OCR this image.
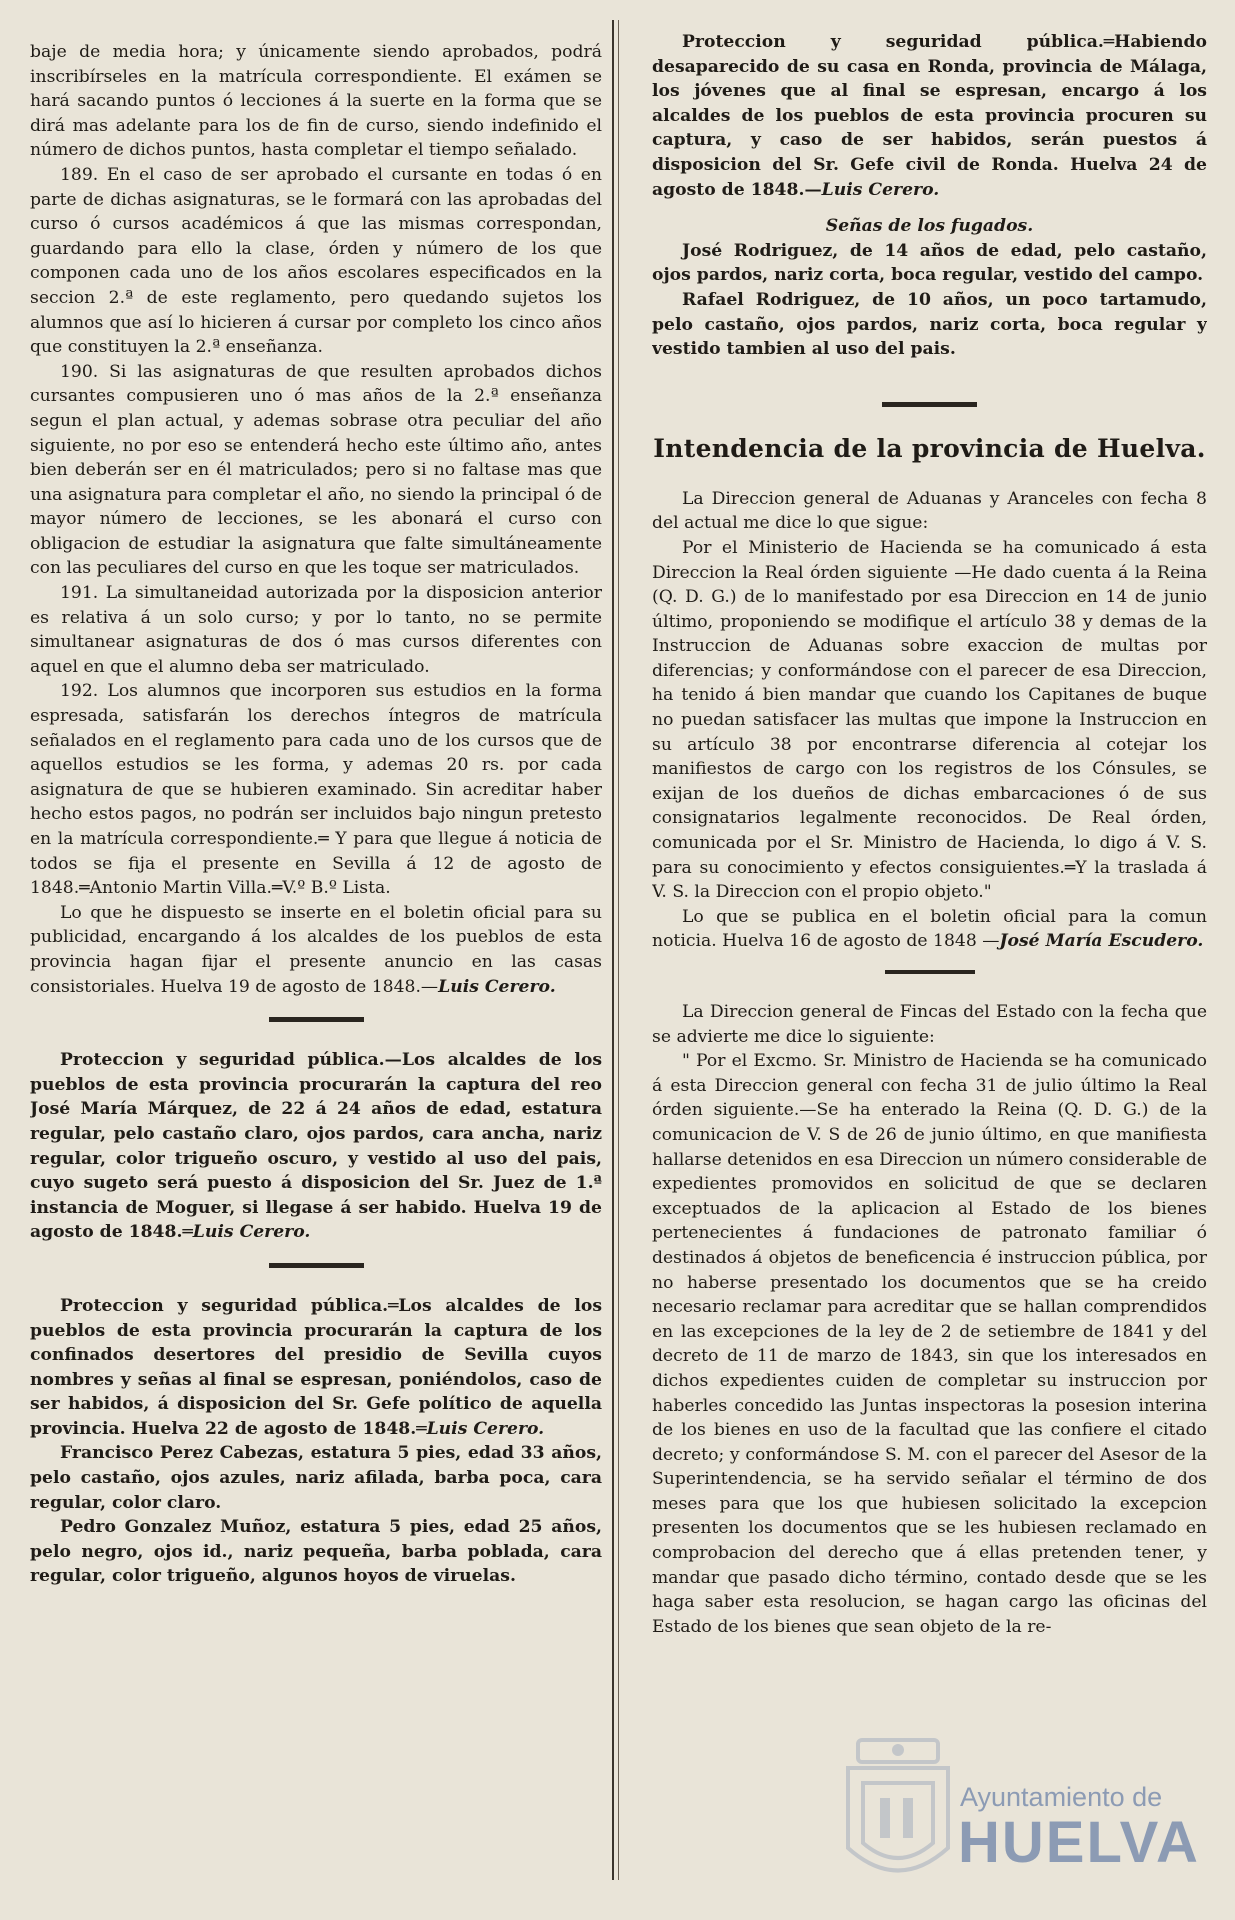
baje de media hora; y únicamente siendo aprobados, podrá inscribírseles en la matrícula correspondiente. El exámen se hará sacando puntos ó lecciones á la suerte en la forma que se dirá mas adelante para los de fin de curso, siendo indefinido el número de dichos puntos, hasta completar el tiempo señalado.

189. En el caso de ser aprobado el cursante en todas ó en parte de dichas asignaturas, se le formará con las aprobadas del curso ó cursos académicos á que las mismas correspondan, guardando para ello la clase, órden y número de los que componen cada uno de los años escolares especificados en la seccion 2.ª de este reglamento, pero quedando sujetos los alumnos que así lo hicieren á cursar por completo los cinco años que constituyen la 2.ª enseñanza.

190. Si las asignaturas de que resulten aprobados dichos cursantes compusieren uno ó mas años de la 2.ª enseñanza segun el plan actual, y ademas sobrase otra peculiar del año siguiente, no por eso se entenderá hecho este último año, antes bien deberán ser en él matriculados; pero si no faltase mas que una asignatura para completar el año, no siendo la principal ó de mayor número de lecciones, se les abonará el curso con obligacion de estudiar la asignatura que falte simultáneamente con las peculiares del curso en que les toque ser matriculados.

191. La simultaneidad autorizada por la disposicion anterior es relativa á un solo curso; y por lo tanto, no se permite simultanear asignaturas de dos ó mas cursos diferentes con aquel en que el alumno deba ser matriculado.

192. Los alumnos que incorporen sus estudios en la forma espresada, satisfarán los derechos íntegros de matrícula señalados en el reglamento para cada uno de los cursos que de aquellos estudios se les forma, y ademas 20 rs. por cada asignatura de que se hubieren examinado. Sin acreditar haber hecho estos pagos, no podrán ser incluidos bajo ningun pretesto en la matrícula correspondiente.═ Y para que llegue á noticia de todos se fija el presente en Sevilla á 12 de agosto de 1848.═Antonio Martin Villa.═V.º B.º Lista.

Lo que he dispuesto se inserte en el boletin oficial para su publicidad, encargando á los alcaldes de los pueblos de esta provincia hagan fijar el presente anuncio en las casas consistoriales. Huelva 19 de agosto de 1848.—Luis Cerero.

Proteccion y seguridad pública.—Los alcaldes de los pueblos de esta provincia procurarán la captura del reo José María Márquez, de 22 á 24 años de edad, estatura regular, pelo castaño claro, ojos pardos, cara ancha, nariz regular, color trigueño oscuro, y vestido al uso del pais, cuyo sugeto será puesto á disposicion del Sr. Juez de 1.ª instancia de Moguer, si llegase á ser habido. Huelva 19 de agosto de 1848.═Luis Cerero.

Proteccion y seguridad pública.═Los alcaldes de los pueblos de esta provincia procurarán la captura de los confinados desertores del presidio de Sevilla cuyos nombres y señas al final se espresan, poniéndolos, caso de ser habidos, á disposicion del Sr. Gefe político de aquella provincia. Huelva 22 de agosto de 1848.═Luis Cerero.

Francisco Perez Cabezas, estatura 5 pies, edad 33 años, pelo castaño, ojos azules, nariz afilada, barba poca, cara regular, color claro.

Pedro Gonzalez Muñoz, estatura 5 pies, edad 25 años, pelo negro, ojos id., nariz pequeña, barba poblada, cara regular, color trigueño, algunos hoyos de viruelas.

Proteccion y seguridad pública.═Habiendo desaparecido de su casa en Ronda, provincia de Málaga, los jóvenes que al final se espresan, encargo á los alcaldes de los pueblos de esta provincia procuren su captura, y caso de ser habidos, serán puestos á disposicion del Sr. Gefe civil de Ronda. Huelva 24 de agosto de 1848.—Luis Cerero.

Señas de los fugados.

José Rodriguez, de 14 años de edad, pelo castaño, ojos pardos, nariz corta, boca regular, vestido del campo.

Rafael Rodriguez, de 10 años, un poco tartamudo, pelo castaño, ojos pardos, nariz corta, boca regular y vestido tambien al uso del pais.

Intendencia de la provincia de Huelva.

La Direccion general de Aduanas y Aranceles con fecha 8 del actual me dice lo que sigue:

Por el Ministerio de Hacienda se ha comunicado á esta Direccion la Real órden siguiente —He dado cuenta á la Reina (Q. D. G.) de lo manifestado por esa Direccion en 14 de junio último, proponiendo se modifique el artículo 38 y demas de la Instruccion de Aduanas sobre exaccion de multas por diferencias; y conformándose con el parecer de esa Direccion, ha tenido á bien mandar que cuando los Capitanes de buque no puedan satisfacer las multas que impone la Instruccion en su artículo 38 por encontrarse diferencia al cotejar los manifiestos de cargo con los registros de los Cónsules, se exijan de los dueños de dichas embarcaciones ó de sus consignatarios legalmente reconocidos. De Real órden, comunicada por el Sr. Ministro de Hacienda, lo digo á V. S. para su conocimiento y efectos consiguientes.═Y la traslada á V. S. la Direccion con el propio objeto."

Lo que se publica en el boletin oficial para la comun noticia. Huelva 16 de agosto de 1848 —José María Escudero.

La Direccion general de Fincas del Estado con la fecha que se advierte me dice lo siguiente:

" Por el Excmo. Sr. Ministro de Hacienda se ha comunicado á esta Direccion general con fecha 31 de julio último la Real órden siguiente.—Se ha enterado la Reina (Q. D. G.) de la comunicacion de V. S de 26 de junio último, en que manifiesta hallarse detenidos en esa Direccion un número considerable de expedientes promovidos en solicitud de que se declaren exceptuados de la aplicacion al Estado de los bienes pertenecientes á fundaciones de patronato familiar ó destinados á objetos de beneficencia é instruccion pública, por no haberse presentado los documentos que se ha creido necesario reclamar para acreditar que se hallan comprendidos en las excepciones de la ley de 2 de setiembre de 1841 y del decreto de 11 de marzo de 1843, sin que los interesados en dichos expedientes cuiden de completar su instruccion por haberles concedido las Juntas inspectoras la posesion interina de los bienes en uso de la facultad que las confiere el citado decreto; y conformándose S. M. con el parecer del Asesor de la Superintendencia, se ha servido señalar el término de dos meses para que los que hubiesen solicitado la excepcion presenten los documentos que se les hubiesen reclamado en comprobacion del derecho que á ellas pretenden tener, y mandar que pasado dicho término, contado desde que se les haga saber esta resolucion, se hagan cargo las oficinas del Estado de los bienes que sean objeto de la re-

Ayuntamiento de
HUELVA
